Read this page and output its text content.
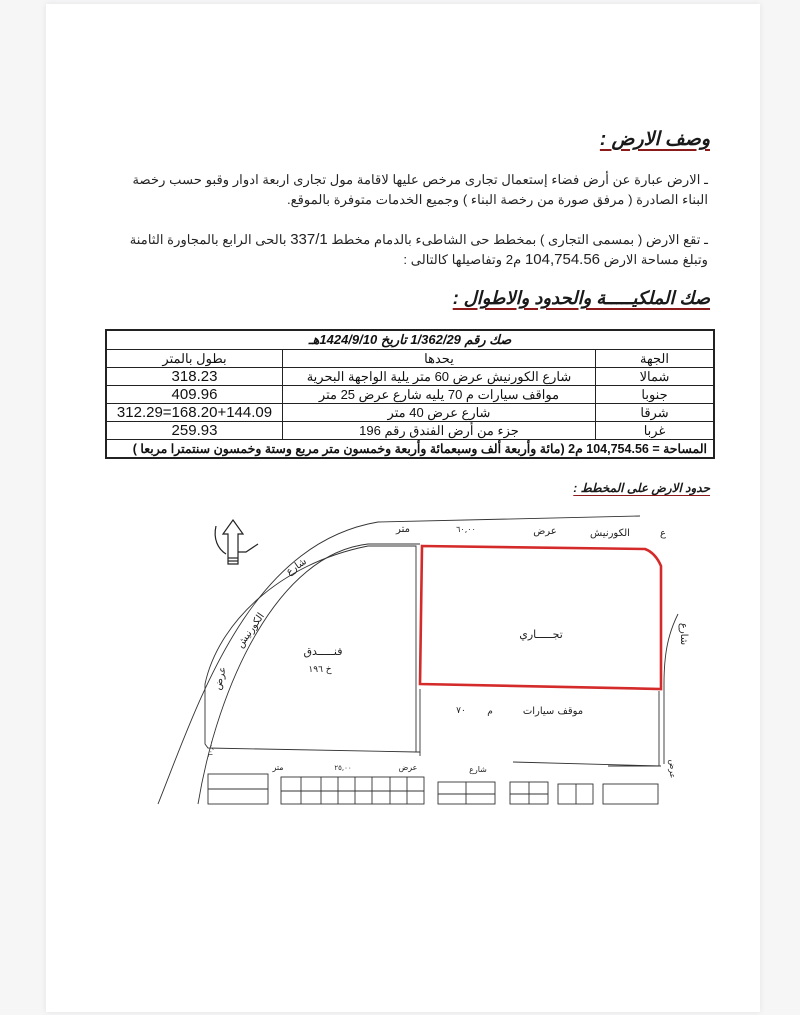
وصف الارض :
ـ الارض عبارة عن أرض فضاء إستعمال تجارى مرخص عليها لاقامة مول تجارى اربعة ادوار وقبو حسب رخصة البناء الصادرة ( مرفق صورة من رخصة البناء ) وجميع الخدمات متوفرة بالموقع.
ـ تقع الارض ( بمسمى التجارى ) بمخطط حى الشاطىء بالدمام مخطط 337/1 بالحى الرابع بالمجاورة الثامنة وتبلغ مساحة الارض 104,754.56 م2 وتفاصيلها كالتالى :
صك الملكيـــــة والحدود والاطوال :
صك رقم 1/362/29 تاريخ 1424/9/10هـ		
الجهة	يحدها	بطول بالمتر
شمالا	شارع الكورنيش عرض 60 متر يلية الواجهة البحرية	318.23
جنوبا	مواقف سيارات م 70 يليه شارع عرض 25 متر	409.96
شرقا	شارع عرض 40 متر	312.29=168.20+144.09
غربا	جزء من أرض الفندق رقم 196	259.93
المساحة = 104,754.56 م2 (مائة وأربعة ألف وسبعمائة وأربعة وخمسون متر مربع وستة وخمسون سنتمترا مربعا )		
حدود الارض على المخطط :
الكورنيش
عرض
٦٠,٠٠
متر	ع
شارع
الكورنيش
عرض
٦٠,٠٠
فنـــــدق
خ ١٩٦
تجـــــاري	شارع
موقف سيارات
م
٧٠
شارع
عرض
٢٥,٠٠
متر	عرض
